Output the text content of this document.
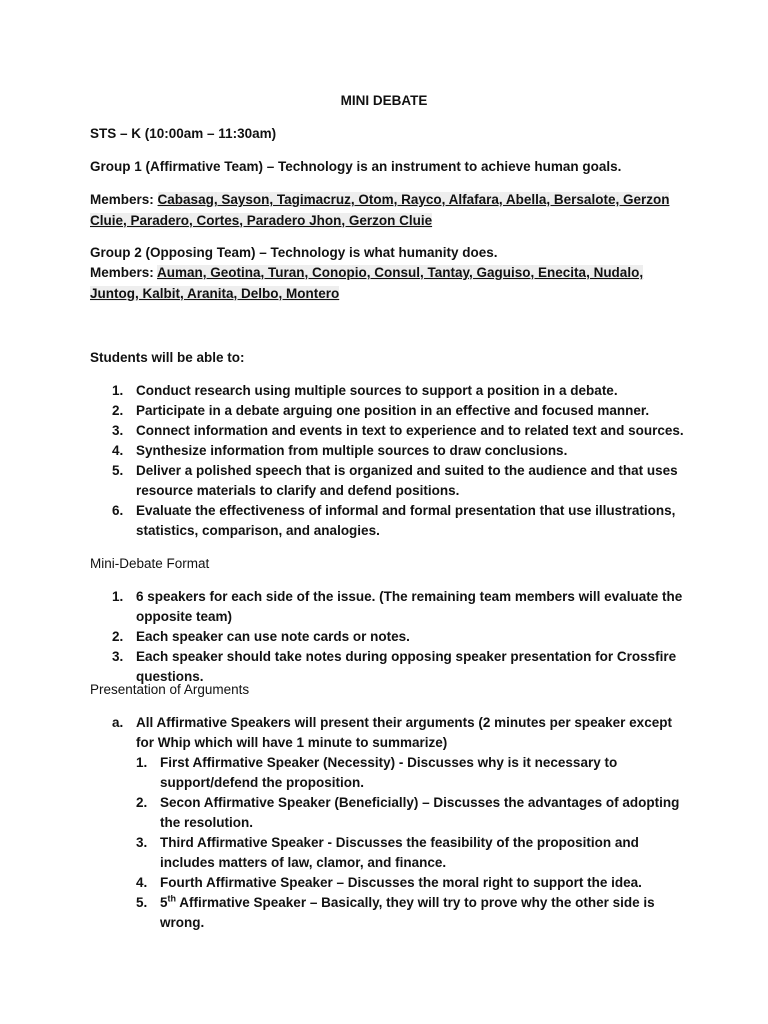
MINI DEBATE
STS – K (10:00am – 11:30am)
Group 1 (Affirmative Team) – Technology is an instrument to achieve human goals.
Members: Cabasag, Sayson, Tagimacruz, Otom, Rayco, Alfafara, Abella, Bersalote, Gerzon Cluie, Paradero, Cortes, Paradero Jhon, Gerzon Cluie
Group 2 (Opposing Team) – Technology is what humanity does.
Members: Auman, Geotina, Turan, Conopio, Consul, Tantay, Gaguiso, Enecita, Nudalo, Juntog, Kalbit, Aranita, Delbo, Montero
Students will be able to:
1. Conduct research using multiple sources to support a position in a debate.
2. Participate in a debate arguing one position in an effective and focused manner.
3. Connect information and events in text to experience and to related text and sources.
4. Synthesize information from multiple sources to draw conclusions.
5. Deliver a polished speech that is organized and suited to the audience and that uses resource materials to clarify and defend positions.
6. Evaluate the effectiveness of informal and formal presentation that use illustrations, statistics, comparison, and analogies.
Mini-Debate Format
1. 6 speakers for each side of the issue. (The remaining team members will evaluate the opposite team)
2. Each speaker can use note cards or notes.
3. Each speaker should take notes during opposing speaker presentation for Crossfire questions.
Presentation of Arguments
a. All Affirmative Speakers will present their arguments (2 minutes per speaker except for Whip which will have 1 minute to summarize)
1. First Affirmative Speaker (Necessity) - Discusses why is it necessary to support/defend the proposition.
2. Secon Affirmative Speaker (Beneficially) – Discusses the advantages of adopting the resolution.
3. Third Affirmative Speaker - Discusses the feasibility of the proposition and includes matters of law, clamor, and finance.
4. Fourth Affirmative Speaker – Discusses the moral right to support the idea.
5. 5th Affirmative Speaker – Basically, they will try to prove why the other side is wrong.
